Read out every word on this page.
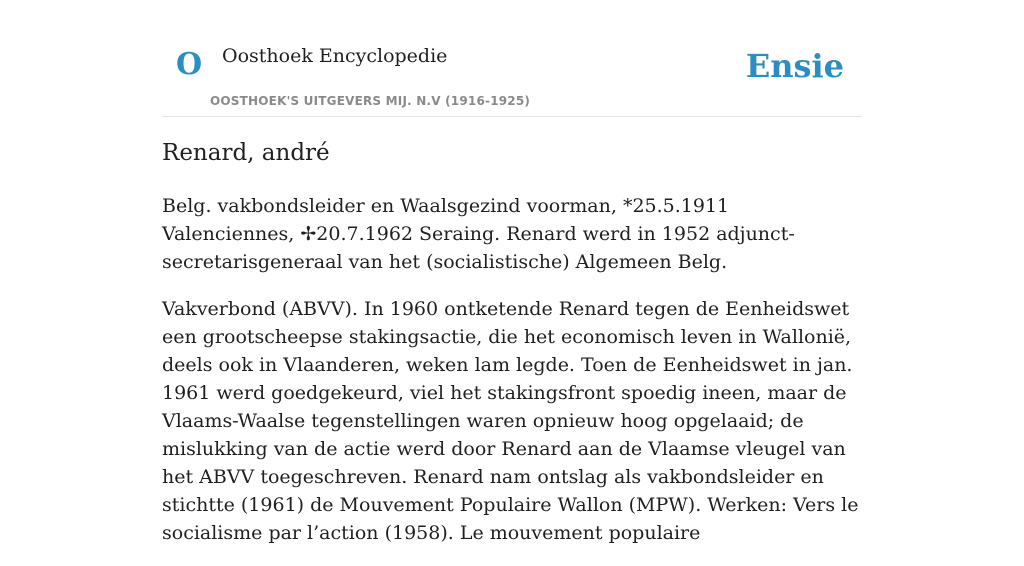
O Oosthoek Encyclopedie
OOSTHOEK'S UITGEVERS MIJ. N.V (1916-1925)
Ensie
Renard, andré

Belg. vakbondsleider en Waalsgezind voorman, *25.5.1911 Valenciennes, ✢20.7.1962 Seraing. Renard werd in 1952 adjunct-secretarisgeneraal van het (socialistische) Algemeen Belg.

Vakverbond (ABVV). In 1960 ontketende Renard tegen de Eenheidswet een grootscheepse stakingsactie, die het economisch leven in Wallonië, deels ook in Vlaanderen, weken lam legde. Toen de Eenheidswet in jan. 1961 werd goedgekeurd, viel het stakingsfront spoedig ineen, maar de Vlaams-Waalse tegenstellingen waren opnieuw hoog opgelaaid; de mislukking van de actie werd door Renard aan de Vlaamse vleugel van het ABVV toegeschreven. Renard nam ontslag als vakbondsleider en stichtte (1961) de Mouvement Populaire Wallon (MPW). Werken: Vers le socialisme par l’action (1958). Le mouvement populaire
